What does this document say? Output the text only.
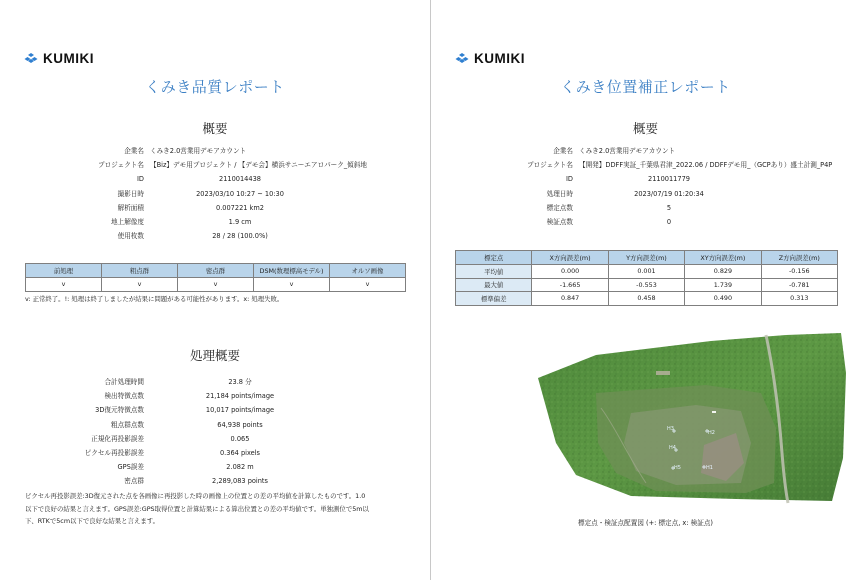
KUMIKI
くみき品質レポート
概要
企業名 くみき2.0営業用デモアカウント
プロジェクト名 【Biz】デモ用プロジェクト / 【デモ会】横浜サニーエアロパーク_傾斜地
ID	2110014438
撮影日時	2023/03/10 10:27 ~ 10:30
解析面積	0.007221 km2
地上解像度	1.9 cm
使用枚数	28 / 28 (100.0%)
前処理	粗点群	密点群	DSM(数理標高モデル)	オルソ画像
v	v	v	v	v
v: 正常終了。!: 処理は終了しましたが結果に問題がある可能性があります。x: 処理失敗。
処理概要
合計処理時間	23.8 分
検出特徴点数	21,184 points/image
3D復元特徴点数	10,017 points/image
粗点群点数	64,938 points
正規化再投影誤差	0.065
ピクセル再投影誤差	0.364 pixels
GPS誤差	2.082 m
密点群	2,289,083 points
ピクセル再投影誤差:3D復元された点を各画像に再投影した時の画像上の位置との差の平均値を計算したものです。1.0
以下で良好の結果と言えます。GPS誤差:GPS取得位置と計算結果による算出位置との差の平均値です。単独測位で5m以
下、RTKで5cm以下で良好な結果と言えます。
KUMIKI
くみき位置補正レポート
概要
企業名 くみき2.0営業用デモアカウント
プロジェクト名 【開発】DDFF実証_千葉県君津_2022.06 / DDFFデモ用_（GCPあり）盛土計測_P4P
ID	2110011779
処理日時	2023/07/19 01:20:34
標定点数	5
検証点数	0
標定点	X方向誤差(m)	Y方向誤差(m)	XY方向誤差(m)	Z方向誤差(m)
平均値	0.000	0.001	0.829	-0.156
最大値	-1.665	-0.553	1.739	-0.781
標準偏差	0.847	0.458	0.490	0.313
H3
H2
H4
H5	H1
標定点・検証点配置図 (+: 標定点, x: 検証点)
